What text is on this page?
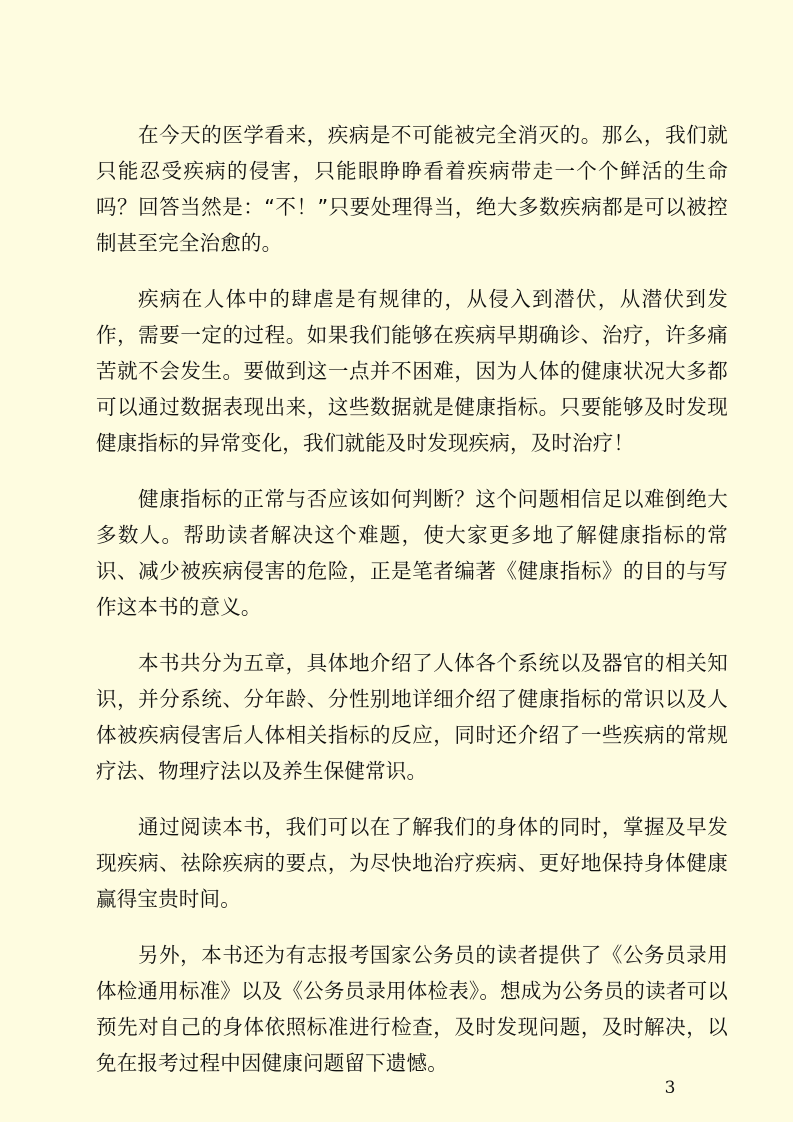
在今天的医学看来，疾病是不可能被完全消灭的。那么，我们就只能忍受疾病的侵害，只能眼睁睁看着疾病带走一个个鲜活的生命吗？回答当然是：“不！”只要处理得当，绝大多数疾病都是可以被控制甚至完全治愈的。

疾病在人体中的肆虐是有规律的，从侵入到潜伏，从潜伏到发作，需要一定的过程。如果我们能够在疾病早期确诊、治疗，许多痛苦就不会发生。要做到这一点并不困难，因为人体的健康状况大多都可以通过数据表现出来，这些数据就是健康指标。只要能够及时发现健康指标的异常变化，我们就能及时发现疾病，及时治疗！

健康指标的正常与否应该如何判断？这个问题相信足以难倒绝大多数人。帮助读者解决这个难题，使大家更多地了解健康指标的常识、减少被疾病侵害的危险，正是笔者编著《健康指标》的目的与写作这本书的意义。

本书共分为五章，具体地介绍了人体各个系统以及器官的相关知识，并分系统、分年龄、分性别地详细介绍了健康指标的常识以及人体被疾病侵害后人体相关指标的反应，同时还介绍了一些疾病的常规疗法、物理疗法以及养生保健常识。

通过阅读本书，我们可以在了解我们的身体的同时，掌握及早发现疾病、祛除疾病的要点，为尽快地治疗疾病、更好地保持身体健康赢得宝贵时间。

另外，本书还为有志报考国家公务员的读者提供了《公务员录用体检通用标准》以及《公务员录用体检表》。想成为公务员的读者可以预先对自己的身体依照标准进行检查，及时发现问题，及时解决，以免在报考过程中因健康问题留下遗憾。

3
